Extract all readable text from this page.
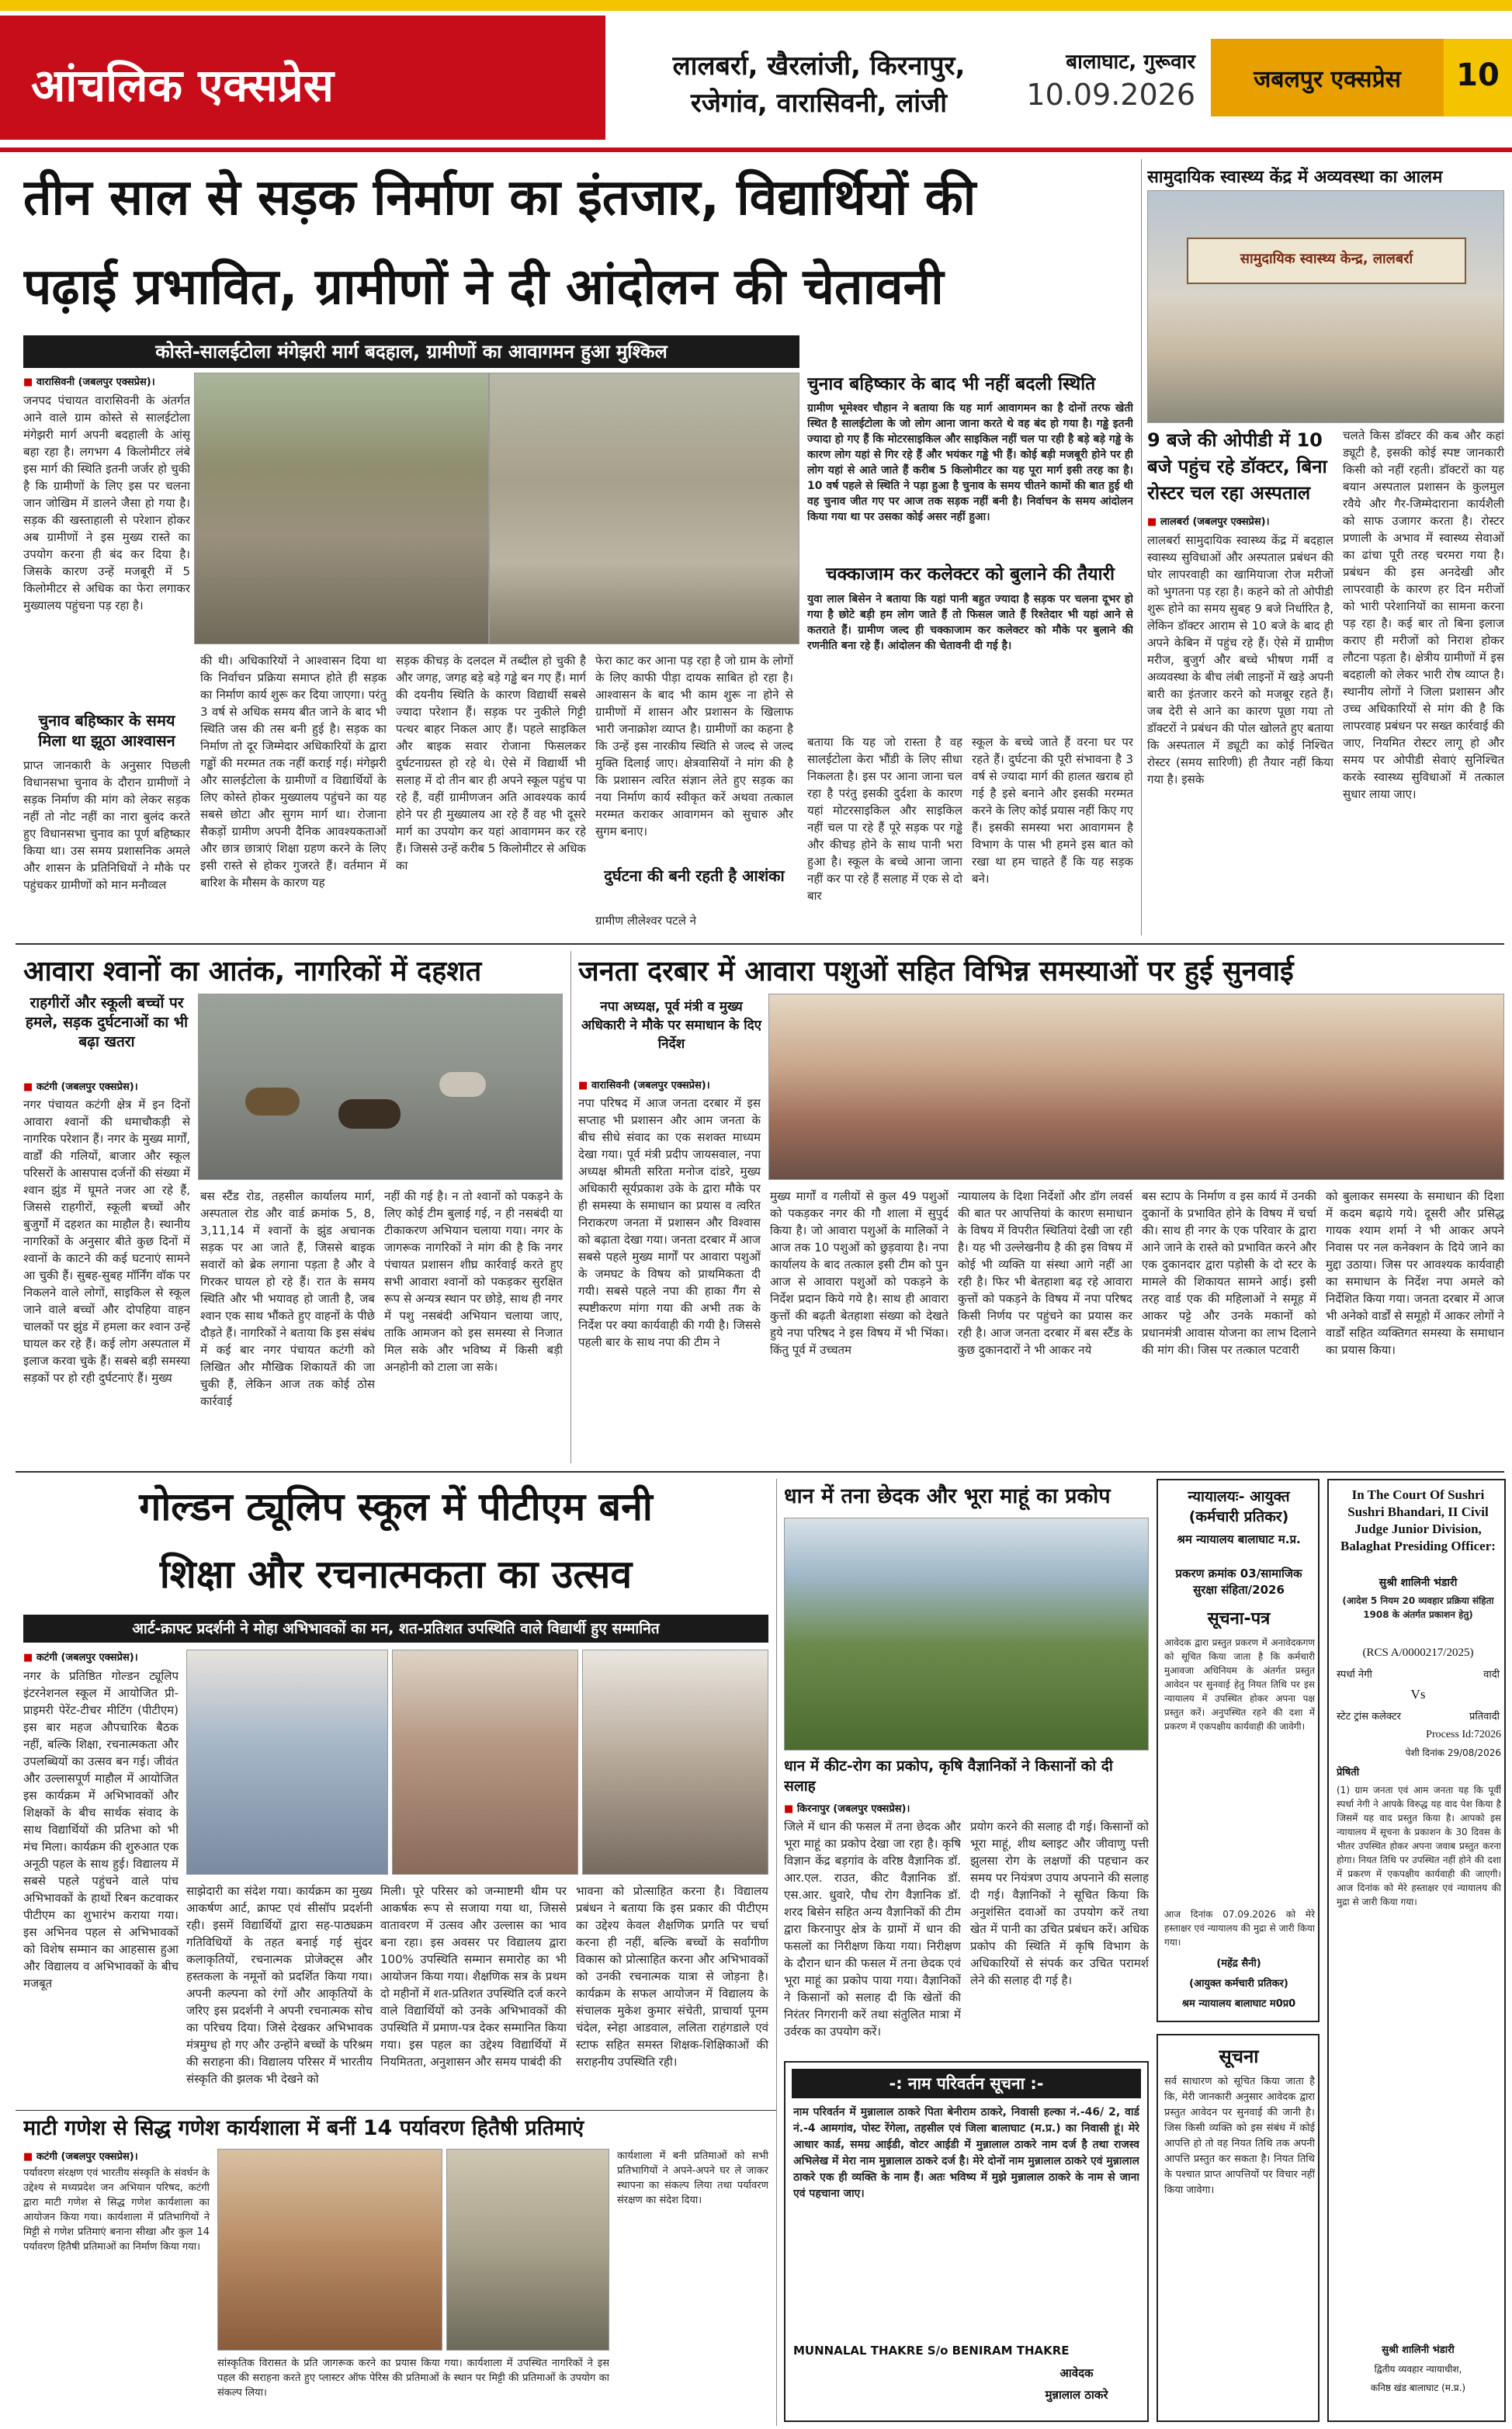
आंचलिक एक्सप्रेस	लालबर्रा, खैरलांजी, किरनापुर,
रजेगांव, वारासिवनी, लांजी
बालाघाट, गुरूवार
10.09.2026	जबलपुर एक्सप्रेस	10
तीन साल से सड़क निर्माण का इंतजार, विद्यार्थियों की
पढ़ाई प्रभावित, ग्रामीणों ने दी आंदोलन की चेतावनी
कोस्ते-सालईटोला मंगेझरी मार्ग बदहाल, ग्रामीणों का आवागमन हुआ मुश्किल
■ वारासिवनी (जबलपुर एक्सप्रेस)।
जनपद पंचायत वारासिवनी के अंतर्गत आने वाले ग्राम कोस्ते से सालईटोला मंगेझरी मार्ग अपनी बदहाली के आंसू बहा रहा है। लगभग 4 किलोमीटर लंबे इस मार्ग की स्थिति इतनी जर्जर हो चुकी है कि ग्रामीणों के लिए इस पर चलना जान जोखिम में डालने जैसा हो गया है। सड़क की खस्ताहाली से परेशान होकर अब ग्रामीणों ने इस मुख्य रास्ते का उपयोग करना ही बंद कर दिया है। जिसके कारण उन्हें मजबूरी में 5 किलोमीटर से अधिक का फेरा लगाकर मुख्यालय पहुंचना पड़ रहा है।
चुनाव बहिष्कार के समय मिला था झूठा आश्वासन
प्राप्त जानकारी के अनुसार पिछली विधानसभा चुनाव के दौरान ग्रामीणों ने सड़क निर्माण की मांग को लेकर सड़क नहीं तो नोट नहीं का नारा बुलंद करते हुए विधानसभा चुनाव का पूर्ण बहिष्कार किया था। उस समय प्रशासनिक अमले और शासन के प्रतिनिधियों ने मौके पर पहुंचकर ग्रामीणों को मान मनौव्वल
की थी। अधिकारियों ने आश्वासन दिया था कि निर्वाचन प्रक्रिया समाप्त होते ही सड़क का निर्माण कार्य शुरू कर दिया जाएगा। परंतु 3 वर्ष से अधिक समय बीत जाने के बाद भी स्थिति जस की तस बनी हुई है। सड़क का निर्माण तो दूर जिम्मेदार अधिकारियों के द्वारा गड्ढों की मरम्मत तक नहीं कराई गई। मंगेझरी और सालईटोला के ग्रामीणों व विद्यार्थियों के लिए कोस्ते होकर मुख्यालय पहुंचने का यह सबसे छोटा और सुगम मार्ग था। रोजाना सैकड़ों ग्रामीण अपनी दैनिक आवश्यकताओं और छात्र छात्राएं शिक्षा ग्रहण करने के लिए इसी रास्ते से होकर गुजरते हैं। वर्तमान में बारिश के मौसम के कारण यह
सड़क कीचड़ के दलदल में तब्दील हो चुकी है और जगह, जगह बड़े बड़े गड्ढे बन गए हैं। मार्ग की दयनीय स्थिति के कारण विद्यार्थी सबसे ज्यादा परेशान हैं। सड़क पर नुकीले गिट्टी पत्थर बाहर निकल आए हैं। पहले साइकिल और बाइक सवार रोजाना फिसलकर दुर्घटनाग्रस्त हो रहे थे। ऐसे में विद्यार्थी भी सलाह में दो तीन बार ही अपने स्कूल पहुंच पा रहे हैं, वहीं ग्रामीणजन अति आवश्यक कार्य होने पर ही मुख्यालय आ रहे हैं वह भी दूसरे मार्ग का उपयोग कर यहां आवागमन कर रहे हैं। जिससे उन्हें करीब 5 किलोमीटर से अधिक का
फेरा काट कर आना पड़ रहा है जो ग्राम के लोगों के लिए काफी पीड़ा दायक साबित हो रहा है। आश्वासन के बाद भी काम शुरू ना होने से ग्रामीणों में शासन और प्रशासन के खिलाफ भारी जनाक्रोश व्याप्त है। ग्रामीणों का कहना है कि उन्हें इस नारकीय स्थिति से जल्द से जल्द मुक्ति दिलाई जाए। क्षेत्रवासियों ने मांग की है कि प्रशासन त्वरित संज्ञान लेते हुए सड़क का नया निर्माण कार्य स्वीकृत करें अथवा तत्काल मरम्मत कराकर आवागमन को सुचारु और सुगम बनाए।
दुर्घटना की बनी रहती है आशंका
ग्रामीण लीलेश्वर पटले ने
चुनाव बहिष्कार के बाद भी नहीं बदली स्थिति
ग्रामीण भूमेश्वर चौहान ने बताया कि यह मार्ग आवागमन का है दोनों तरफ खेती स्थित है सालईटोला के जो लोग आना जाना करते थे वह बंद हो गया है। गड्ढे इतनी ज्यादा हो गए हैं कि मोटरसाइकिल और साइकिल नहीं चल पा रही है बड़े बड़े गड्ढे के कारण लोग यहां से गिर रहे हैं और भयंकर गड्ढे भी हैं। कोई बड़ी मजबूरी होने पर ही लोग यहां से आते जाते हैं करीब 5 किलोमीटर का यह पूरा मार्ग इसी तरह का है। 10 वर्ष पहले से स्थिति ने पड़ा हुआ है चुनाव के समय चीतने कामों की बात हुई थी वह चुनाव जीत गए पर आज तक सड़क नहीं बनी है। निर्वाचन के समय आंदोलन किया गया था पर उसका कोई असर नहीं हुआ।
चक्काजाम कर कलेक्टर को बुलाने की तैयारी
युवा लाल बिसेन ने बताया कि यहां पानी बहुत ज्यादा है सड़क पर चलना दूभर हो गया है छोटे बड़ी हम लोग जाते हैं तो फिसल जाते हैं रिश्तेदार भी यहां आने से कतराते हैं। ग्रामीण जल्द ही चक्काजाम कर कलेक्टर को मौके पर बुलाने की रणनीति बना रहे हैं। आंदोलन की चेतावनी दी गई है।
बताया कि यह जो रास्ता है वह सालईटोला केरा भौंडी के लिए सीधा निकलता है। इस पर आना जाना चल रहा है परंतु इसकी दुर्दशा के कारण यहां मोटरसाइकिल और साइकिल नहीं चल पा रहे हैं पूरे सड़क पर गड्ढे और कीचड़ होने के साथ पानी भरा हुआ है। स्कूल के बच्चे आना जाना नहीं कर पा रहे हैं सलाह में एक से दो बार
स्कूल के बच्चे जाते हैं वरना घर पर रहते हैं। दुर्घटना की पूरी संभावना है 3 वर्ष से ज्यादा मार्ग की हालत खराब हो गई है इसे बनाने और इसकी मरम्मत करने के लिए कोई प्रयास नहीं किए गए हैं। इसकी समस्या भरा आवागमन है विभाग के पास भी हमने इस बात को रखा था हम चाहते हैं कि यह सड़क बने।
सामुदायिक स्वास्थ्य केंद्र में अव्यवस्था का आलम
सामुदायिक स्वास्थ्य केन्द्र, लालबर्रा
9 बजे की ओपीडी में 10 बजे पहुंच रहे डॉक्टर, बिना रोस्टर चल रहा अस्पताल
■ लालबर्रा (जबलपुर एक्सप्रेस)।
लालबर्रा सामुदायिक स्वास्थ्य केंद्र में बदहाल स्वास्थ्य सुविधाओं और अस्पताल प्रबंधन की घोर लापरवाही का खामियाजा रोज मरीजों को भुगतना पड़ रहा है। कहने को तो ओपीडी शुरू होने का समय सुबह 9 बजे निर्धारित है, लेकिन डॉक्टर आराम से 10 बजे के बाद ही अपने केबिन में पहुंच रहे हैं। ऐसे में ग्रामीण मरीज, बुजुर्ग और बच्चे भीषण गर्मी व अव्यवस्था के बीच लंबी लाइनों में खड़े अपनी बारी का इंतजार करने को मजबूर रहते हैं। जब देरी से आने का कारण पूछा गया तो डॉक्टरों ने प्रबंधन की पोल खोलते हुए बताया कि अस्पताल में ड्यूटी का कोई निश्चित रोस्टर (समय सारिणी) ही तैयार नहीं किया गया है। इसके
चलते किस डॉक्टर की कब और कहां ड्यूटी है, इसकी कोई स्पष्ट जानकारी किसी को नहीं रहती। डॉक्टरों का यह बयान अस्पताल प्रशासन के कुलमुल रवैये और गैर-जिम्मेदाराना कार्यशैली को साफ उजागर करता है। रोस्टर प्रणाली के अभाव में स्वास्थ्य सेवाओं का ढांचा पूरी तरह चरमरा गया है। प्रबंधन की इस अनदेखी और लापरवाही के कारण हर दिन मरीजों को भारी परेशानियों का सामना करना पड़ रहा है। कई बार तो बिना इलाज कराए ही मरीजों को निराश होकर लौटना पड़ता है। क्षेत्रीय ग्रामीणों में इस बदहाली को लेकर भारी रोष व्याप्त है। स्थानीय लोगों ने जिला प्रशासन और उच्च अधिकारियों से मांग की है कि लापरवाह प्रबंधन पर सख्त कार्रवाई की जाए, नियमित रोस्टर लागू हो और समय पर ओपीडी सेवाएं सुनिश्चित करके स्वास्थ्य सुविधाओं में तत्काल सुधार लाया जाए।
आवारा श्वानों का आतंक, नागरिकों में दहशत
राहगीरों और स्कूली बच्चों पर हमले, सड़क दुर्घटनाओं का भी बढ़ा खतरा
■ कटंगी (जबलपुर एक्सप्रेस)।
नगर पंचायत कटंगी क्षेत्र में इन दिनों आवारा श्वानों की धमाचौकड़ी से नागरिक परेशान हैं। नगर के मुख्य मार्गों, वार्डों की गलियों, बाजार और स्कूल परिसरों के आसपास दर्जनों की संख्या में श्वान झुंड में घूमते नजर आ रहे हैं, जिससे राहगीरों, स्कूली बच्चों और बुजुर्गों में दहशत का माहौल है। स्थानीय नागरिकों के अनुसार बीते कुछ दिनों में श्वानों के काटने की कई घटनाएं सामने आ चुकी हैं। सुबह-सुबह मॉर्निंग वॉक पर निकलने वाले लोगों, साइकिल से स्कूल जाने वाले बच्चों और दोपहिया वाहन चालकों पर झुंड में हमला कर श्वान उन्हें घायल कर रहे हैं। कई लोग अस्पताल में इलाज करवा चुके हैं। सबसे बड़ी समस्या सड़कों पर हो रही दुर्घटनाएं हैं। मुख्य
बस स्टैंड रोड, तहसील कार्यालय मार्ग, अस्पताल रोड और वार्ड क्रमांक 5, 8, 3,11,14 में श्वानों के झुंड अचानक सड़क पर आ जाते हैं, जिससे बाइक सवारों को ब्रेक लगाना पड़ता है और वे गिरकर घायल हो रहे हैं। रात के समय स्थिति और भी भयावह हो जाती है, जब श्वान एक साथ भौंकते हुए वाहनों के पीछे दौड़ते हैं। नागरिकों ने बताया कि इस संबंध में कई बार नगर पंचायत कटंगी को लिखित और मौखिक शिकायतें की जा चुकी हैं, लेकिन आज तक कोई ठोस कार्रवाई
नहीं की गई है। न तो श्वानों को पकड़ने के लिए कोई टीम बुलाई गई, न ही नसबंदी या टीकाकरण अभियान चलाया गया। नगर के जागरूक नागरिकों ने मांग की है कि नगर पंचायत प्रशासन शीघ्र कार्रवाई करते हुए सभी आवारा श्वानों को पकड़कर सुरक्षित रूप से अन्यत्र स्थान पर छोड़े, साथ ही नगर में पशु नसबंदी अभियान चलाया जाए, ताकि आमजन को इस समस्या से निजात मिल सके और भविष्य में किसी बड़ी अनहोनी को टाला जा सके।
जनता दरबार में आवारा पशुओं सहित विभिन्न समस्याओं पर हुई सुनवाई
नपा अध्यक्ष, पूर्व मंत्री व मुख्य अधिकारी ने मौके पर समाधान के दिए निर्देश
■ वारासिवनी (जबलपुर एक्सप्रेस)।
नपा परिषद में आज जनता दरबार में इस सप्ताह भी प्रशासन और आम जनता के बीच सीधे संवाद का एक सशक्त माध्यम देखा गया। पूर्व मंत्री प्रदीप जायसवाल, नपा अध्यक्ष श्रीमती सरिता मनोज दांडरे, मुख्य अधिकारी सूर्यप्रकाश उके के द्वारा मौके पर ही समस्या के समाधान का प्रयास व त्वरित निराकरण जनता में प्रशासन और विश्वास को बढ़ाता देखा गया। जनता दरबार में आज सबसे पहले मुख्य मार्गों पर आवारा पशुओं के जमघट के विषय को प्राथमिकता दी गयी। सबसे पहले नपा की हाका गैंग से स्पष्टीकरण मांगा गया की अभी तक के निर्देश पर क्या कार्यवाही की गयी है। जिससे पहली बार के साथ नपा की टीम ने
मुख्य मार्गों व गलीयों से कुल 49 पशुओं को पकड़कर नगर की गौ शाला में सुपुर्द किया है। जो आवारा पशुओं के मालिकों ने आज तक 10 पशुओं को छुड़वाया है। नपा कार्यालय के बाद तत्काल इसी टीम को पुन आज से आवारा पशुओं को पकड़ने के निर्देश प्रदान किये गये है। साथ ही आवारा कुत्तों की बढ़ती बेतहाशा संख्या को देखते हुये नपा परिषद ने इस विषय में भी भिंका। किंतु पूर्व में उच्चतम
न्यायालय के दिशा निर्देशों और डॉग लवर्स की बात पर आपत्तियां के कारण समाधान के विषय में विपरीत स्थितियां देखी जा रही है। यह भी उल्लेखनीय है की इस विषय में कोई भी व्यक्ति या संस्था आगे नहीं आ रही है। फिर भी बेतहाशा बढ़ रहे आवारा कुत्तों को पकड़ने के विषय में नपा परिषद किसी निर्णय पर पहुंचने का प्रयास कर रही है। आज जनता दरबार में बस स्टैंड के कुछ दुकानदारों ने भी आकर नये
बस स्टाप के निर्माण व इस कार्य में उनकी दुकानों के प्रभावित होने के विषय में चर्चा की। साथ ही नगर के एक परिवार के द्वारा आने जाने के रास्ते को प्रभावित करने और एक दुकानदार द्वारा पड़ोसी के दो स्टर के मामले की शिकायत सामने आई। इसी तरह वार्ड एक की महिलाओं ने समूह में आकर पट्टे और उनके मकानों को प्रधानमंत्री आवास योजना का लाभ दिलाने की मांग की। जिस पर तत्काल पटवारी
को बुलाकर समस्या के समाधान की दिशा में कदम बढ़ाये गये। दूसरी और प्रसिद्ध गायक श्याम शर्मा ने भी आकर अपने निवास पर नल कनेक्शन के दिये जाने का मुद्दा उठाया। जिस पर आवश्यक कार्यवाही का समाधान के निर्देश नपा अमले को निर्देशित किया गया। जनता दरबार में आज भी अनेको वार्डों से समूहो में आकर लोगों ने वार्डों सहित व्यक्तिगत समस्या के समाधान का प्रयास किया।
गोल्डन ट्यूलिप स्कूल में पीटीएम बनी
शिक्षा और रचनात्मकता का उत्सव
आर्ट-क्राफ्ट प्रदर्शनी ने मोहा अभिभावकों का मन, शत-प्रतिशत उपस्थिति वाले विद्यार्थी हुए सम्मानित
■ कटंगी (जबलपुर एक्सप्रेस)।
नगर के प्रतिष्ठित गोल्डन ट्यूलिप इंटरनेशनल स्कूल में आयोजित प्री-प्राइमरी पेरेंट-टीचर मीटिंग (पीटीएम) इस बार महज औपचारिक बैठक नहीं, बल्कि शिक्षा, रचनात्मकता और उपलब्धियों का उत्सव बन गई। जीवंत और उल्लासपूर्ण माहौल में आयोजित इस कार्यक्रम में अभिभावकों और शिक्षकों के बीच सार्थक संवाद के साथ विद्यार्थियों की प्रतिभा को भी मंच मिला। कार्यक्रम की शुरुआत एक अनूठी पहल के साथ हुई। विद्यालय में सबसे पहले पहुंचने वाले पांच अभिभावकों के हाथों रिबन कटवाकर पीटीएम का शुभारंभ कराया गया। इस अभिनव पहल से अभिभावकों को विशेष सम्मान का आहसास हुआ और विद्यालय व अभिभावकों के बीच मजबूत
साझेदारी का संदेश गया। कार्यक्रम का मुख्य आकर्षण आर्ट, क्राफ्ट एवं सीसॉप प्रदर्शनी रही। इसमें विद्यार्थियों द्वारा सह-पाठ्यक्रम गतिविधियों के तहत बनाई गई सुंदर कलाकृतियों, रचनात्मक प्रोजेक्ट्स और हस्तकला के नमूनों को प्रदर्शित किया गया। अपनी कल्पना को रंगों और आकृतियों के जरिए इस प्रदर्शनी ने अपनी रचनात्मक सोच का परिचय दिया। जिसे देखकर अभिभावक मंत्रमुग्ध हो गए और उन्होंने बच्चों के परिश्रम की सराहना की। विद्यालय परिसर में भारतीय संस्कृति की झलक भी देखने को
मिली। पूरे परिसर को जन्माष्टमी थीम पर आकर्षक रूप से सजाया गया था, जिससे वातावरण में उत्सव और उल्लास का भाव बना रहा। इस अवसर पर विद्यालय द्वारा 100% उपस्थिति सम्मान समारोह का भी आयोजन किया गया। शैक्षणिक सत्र के प्रथम दो महीनों में शत-प्रतिशत उपस्थिति दर्ज करने वाले विद्यार्थियों को उनके अभिभावकों की उपस्थिति में प्रमाण-पत्र देकर सम्मानित किया गया। इस पहल का उद्देश्य विद्यार्थियों में नियमितता, अनुशासन और समय पाबंदी की
भावना को प्रोत्साहित करना है। विद्यालय प्रबंधन ने बताया कि इस प्रकार की पीटीएम का उद्देश्य केवल शैक्षणिक प्रगति पर चर्चा करना ही नहीं, बल्कि बच्चों के सर्वांगीण विकास को प्रोत्साहित करना और अभिभावकों को उनकी रचनात्मक यात्रा से जोड़ना है। कार्यक्रम के सफल आयोजन में विद्यालय के संचालक मुकेश कुमार संचेती, प्राचार्या पूनम चंदेल, स्नेहा आडवाल, ललिता राहंगडाले एवं स्टाफ सहित समस्त शिक्षक-शिक्षिकाओं की सराहनीय उपस्थिति रही।
माटी गणेश से सिद्ध गणेश कार्यशाला में बनीं 14 पर्यावरण हितैषी प्रतिमाएं
■ कटंगी (जबलपुर एक्सप्रेस)।
पर्यावरण संरक्षण एवं भारतीय संस्कृति के संवर्धन के उद्देश्य से मध्यप्रदेश जन अभियान परिषद, कटंगी द्वारा माटी गणेश से सिद्ध गणेश कार्यशाला का आयोजन किया गया। कार्यशाला में प्रतिभागियों ने मिट्टी से गणेश प्रतिमाएं बनाना सीखा और कुल 14 पर्यावरण हितैषी प्रतिमाओं का निर्माण किया गया।
सांस्कृतिक विरासत के प्रति जागरूक करने का प्रयास किया गया। कार्यशाला में उपस्थित नागरिकों ने इस पहल की सराहना करते हुए प्लास्टर ऑफ पेरिस की प्रतिमाओं के स्थान पर मिट्टी की प्रतिमाओं के उपयोग का संकल्प लिया।
कार्यशाला में बनी प्रतिमाओं को सभी प्रतिभागियों ने अपने-अपने घर ले जाकर स्थापना का संकल्प लिया तथा पर्यावरण संरक्षण का संदेश दिया।
धान में तना छेदक और भूरा माहूं का प्रकोप
धान में कीट-रोग का प्रकोप, कृषि वैज्ञानिकों ने किसानों को दी सलाह
■ किरनापुर (जबलपुर एक्सप्रेस)।
जिले में धान की फसल में तना छेदक और भूरा माहूं का प्रकोप देखा जा रहा है। कृषि विज्ञान केंद्र बड़गांव के वरिष्ठ वैज्ञानिक डॉ. आर.एल. राउत, कीट वैज्ञानिक डॉ. एस.आर. धुवारे, पौध रोग वैज्ञानिक डॉ. शरद बिसेन सहित अन्य वैज्ञानिकों की टीम द्वारा किरनापुर क्षेत्र के ग्रामों में धान की फसलों का निरीक्षण किया गया। निरीक्षण के दौरान धान की फसल में तना छेदक एवं भूरा माहूं का प्रकोप पाया गया। वैज्ञानिकों ने किसानों को सलाह दी कि खेतों की निरंतर निगरानी करें तथा संतुलित मात्रा में उर्वरक का उपयोग करें।
प्रयोग करने की सलाह दी गई। किसानों को भूरा माहूं, शीथ ब्लाइट और जीवाणु पत्ती झुलसा रोग के लक्षणों की पहचान कर समय पर नियंत्रण उपाय अपनाने की सलाह दी गई। वैज्ञानिकों ने सूचित किया कि अनुशंसित दवाओं का उपयोग करें तथा खेत में पानी का उचित प्रबंधन करें। अधिक प्रकोप की स्थिति में कृषि विभाग के अधिकारियों से संपर्क कर उचित परामर्श लेने की सलाह दी गई है।
-: नाम परिवर्तन सूचना :-
नाम परिवर्तन में मुन्नालाल ठाकरे पिता बेनीराम ठाकरे, निवासी हल्का नं.-46/ 2, वार्ड नं.-4 आमगांव, पोस्ट रेंगेला, तहसील एवं जिला बालाघाट (म.प्र.) का निवासी हूं। मेरे आधार कार्ड, समग्र आईडी, वोटर आईडी में मुन्नालाल ठाकरे नाम दर्ज है तथा राजस्व अभिलेख में मेरा नाम मुन्नालाल ठाकरे दर्ज है। मेरे दोनों नाम मुन्नालाल ठाकरे एवं मुन्नालाल ठाकरे एक ही व्यक्ति के नाम हैं। अतः भविष्य में मुझे मुन्नालाल ठाकरे के नाम से जाना एवं पहचाना जाए।
MUNNALAL THAKRE S/o BENIRAM THAKRE
आवेदक
मुन्नालाल ठाकरे
न्यायालयः- आयुक्त (कर्मचारी प्रतिकर)
श्रम न्यायालय बालाघाट म.प्र.
प्रकरण क्रमांक 03/सामाजिक सुरक्षा संहिता/2026
सूचना-पत्र
आवेदक द्वारा प्रस्तुत प्रकरण में अनावेदकगण को सूचित किया जाता है कि कर्मचारी मुआवजा अधिनियम के अंतर्गत प्रस्तुत आवेदन पर सुनवाई हेतु नियत तिथि पर इस न्यायालय में उपस्थित होकर अपना पक्ष प्रस्तुत करें। अनुपस्थित रहने की दशा में प्रकरण में एकपक्षीय कार्यवाही की जावेगी।
आज दिनांक 07.09.2026 को मेरे हस्ताक्षर एवं न्यायालय की मुद्रा से जारी किया गया।
(महेंद्र सैनी)
(आयुक्त कर्मचारी प्रतिकर)
श्रम न्यायालय बालाघाट म0प्र0
सूचना
सर्व साधारण को सूचित किया जाता है कि, मेरी जानकारी अनुसार आवेदक द्वारा प्रस्तुत आवेदन पर सुनवाई की जानी है। जिस किसी व्यक्ति को इस संबंध में कोई आपत्ति हो तो वह नियत तिथि तक अपनी आपत्ति प्रस्तुत कर सकता है। नियत तिथि के पश्चात प्राप्त आपत्तियों पर विचार नहीं किया जावेगा।
In The Court Of Sushri Sushri Bhandari, II Civil Judge Junior Division, Balaghat Presiding Officer:
सुश्री शालिनी भंडारी
(आदेश 5 नियम 20 व्यवहार प्रक्रिया संहिता 1908 के अंतर्गत प्रकाशन हेतु)
(RCS A/0000217/2025)
स्पर्धा नेगी	वादी
Vs
स्टेट ट्रांस कलेक्टर	प्रतिवादी
Process Id:72026
पेशी दिनांक 29/08/2026
प्रेषिती
(1) ग्राम जनता एवं आम जनता यह कि पूर्वी स्पर्धा नेगी ने आपके विरुद्ध यह वाद पेश किया है जिसमें यह वाद प्रस्तुत किया है। आपको इस न्यायालय में सूचना के प्रकाशन के 30 दिवस के भीतर उपस्थित होकर अपना जवाब प्रस्तुत करना होगा। नियत तिथि पर उपस्थित नहीं होने की दशा में प्रकरण में एकपक्षीय कार्यवाही की जाएगी। आज दिनांक को मेरे हस्ताक्षर एवं न्यायालय की मुद्रा से जारी किया गया।
सुश्री शालिनी भंडारी
द्वितीय व्यवहार न्यायाधीश,
कनिष्ठ खंड बालाघाट (म.प्र.)
